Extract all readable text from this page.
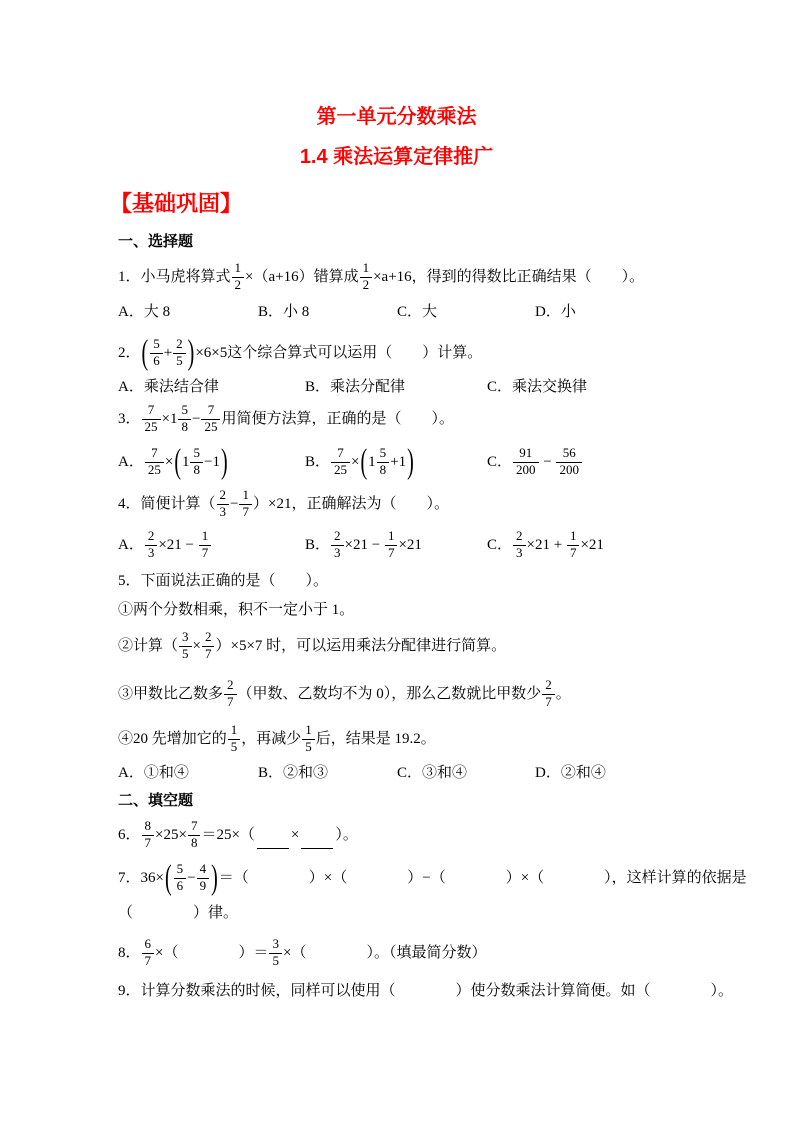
第一单元分数乘法
1.4 乘法运算定律推广
【基础巩固】
一、选择题
1．小马虎将算式 $\frac{1}{2} \times(a+16)$错算成 $\frac{1}{2} \times a+16$，得到的得数比正确结果（　　）。
A． 大 8	B． 小 8	C． 大	D． 小
2． ( $\frac{5}{6} + \frac{2}{5}$ ) ×6×5这个综合算式可以运用（　　）计算。
A． 乘法结合律	B． 乘法分配律	C． 乘法交换律
3． $\frac{7}{25} \times 1 \frac{5}{8} - \frac{7}{25}$ 用简便方法算，正确的是（　　）。
A． $\frac{7}{25}$ × ( $1 \frac{5}{8} -1$ )	B． $\frac{7}{25}$ × ( $1 \frac{5}{8} +1$ )	C． $\frac{91}{200} - \frac{56}{200}$
4．简便计算（ $\frac{2}{3} - \frac{1}{7} )\times 21$，正确解法为（　　）。
A． $\frac{2}{3} \times 21 - \frac{1}{7}$	B． $\frac{2}{3} \times 21 - \frac{1}{7} \times 21$	C． $\frac{2}{3} \times 21 + \frac{1}{7} \times 21$
5．下面说法正确的是（　　）。
①两个分数相乘，积不一定小于 1。
②计算（ $\frac{3}{5} \times \frac{2}{7} )\times 5\times 7$ 时，可以运用乘法分配律进行简算。
③甲数比乙数多 $\frac{2}{7}$ （甲数、乙数均不为 0），那么乙数就比甲数少 $\frac{2}{7}$ 。
④20 先增加它的 $\frac{1}{5}$ ，再减少 $\frac{1}{5}$ 后，结果是 19.2。
A． ①和④	B． ②和③	C． ③和④	D． ②和④
二、填空题
6． $\frac{8}{7} \times 25\times \frac{7}{8} =25\times$（ × ）。
7．36× ( $\frac{5}{6} - \frac{4}{9}$ ) ＝（　　　　）×（　　　　）−（　　　　）×（　　　　），这样计算的依据是
（　　　　）律。
8． $\frac{6}{7}$ ×（　　　　）＝ $\frac{3}{5}$ ×（　　　　）。（填最简分数）
9．计算分数乘法的时候，同样可以使用（　　　　）使分数乘法计算简便。如（　　　　）。
